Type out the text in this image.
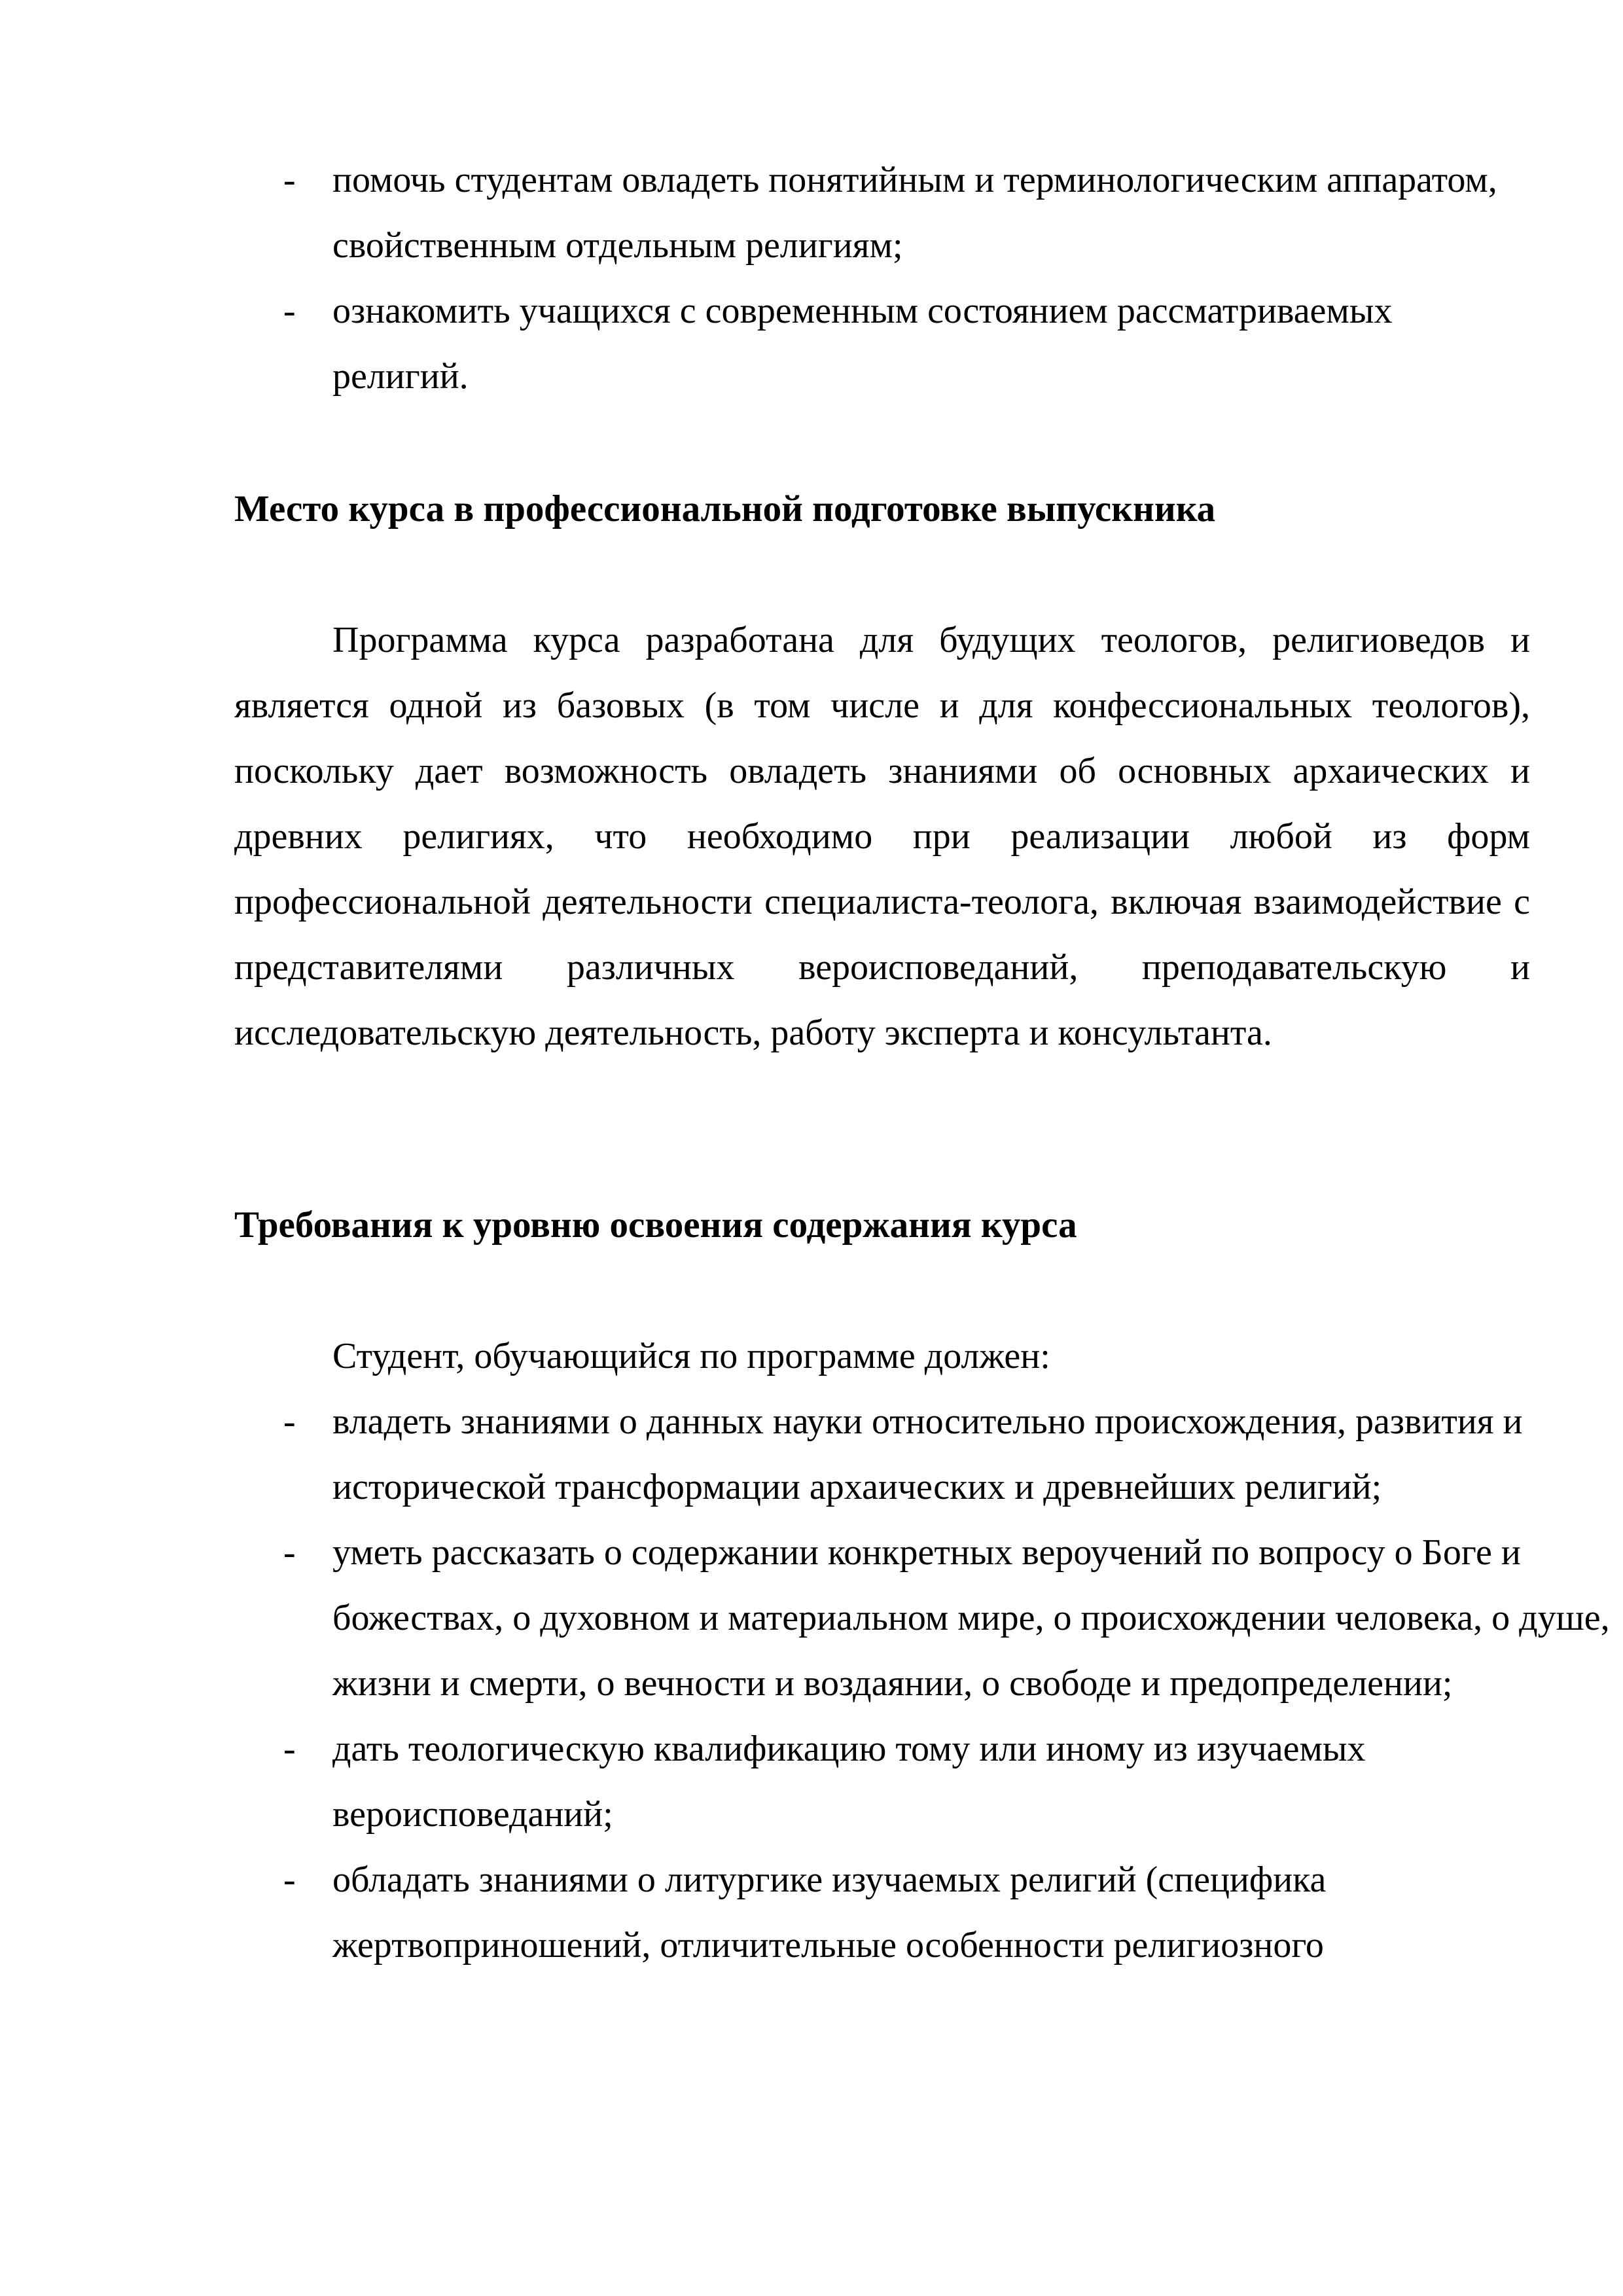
- помочь студентам овладеть понятийным и терминологическим аппаратом, свойственным отдельным религиям;
- ознакомить учащихся с современным состоянием рассматриваемых религий.
Место курса в профессиональной подготовке выпускника

Программа курса разработана для будущих теологов, религиоведов и является одной из базовых (в том числе и для конфессиональных теологов), поскольку дает возможность овладеть знаниями об основных архаических и древних религиях, что необходимо при реализации любой из форм профессиональной деятельности специалиста-теолога, включая взаимодействие с представителями различных вероисповеданий, преподавательскую и исследовательскую деятельность, работу эксперта и консультанта.

Требования к уровню освоения содержания курса

Студент, обучающийся по программе должен:

- владеть знаниями о данных науки относительно происхождения, развития и исторической трансформации архаических и древнейших религий;
- уметь рассказать о содержании конкретных вероучений по вопросу о Боге и божествах, о духовном и материальном мире, о происхождении человека, о душе, жизни и смерти, о вечности и воздаянии, о свободе и предопределении;
- дать теологическую квалификацию тому или иному из изучаемых вероисповеданий;
- обладать знаниями о литургике изучаемых религий (специфика жертвоприношений, отличительные особенности религиозного
